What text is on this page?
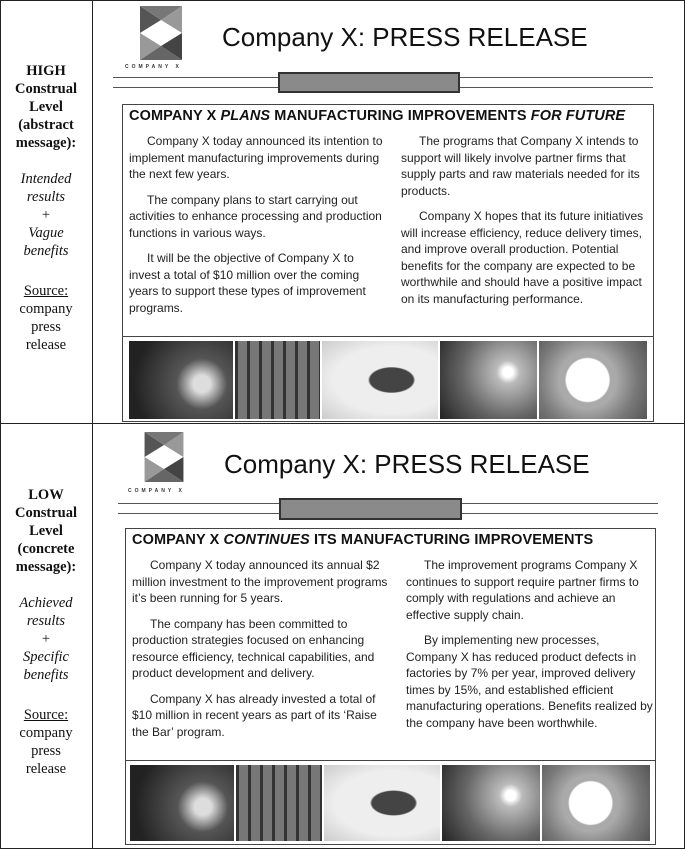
HIGH
Construal
Level
(abstract
message):
Intended
results
+
Vague
benefits
Source:
company
press
release
COMPANY X
Company X: PRESS RELEASE
COMPANY X PLANS MANUFACTURING IMPROVEMENTS FOR FUTURE

Company X today announced its intention to implement manufacturing improvements during the next few years.

The company plans to start carrying out activities to enhance processing and production functions in various ways.

It will be the objective of Company X to invest a total of $10 million over the coming years to support these types of improvement programs.

The programs that Company X intends to support will likely involve partner firms that supply parts and raw materials needed for its products.

Company X hopes that its future initiatives will increase efficiency, reduce delivery times, and improve overall production. Potential benefits for the company are expected to be worthwhile and should have a positive impact on its manufacturing performance.

LOW
Construal
Level
(concrete
message):
Achieved
results
+
Specific
benefits
Source:
company
press
release
COMPANY X
Company X: PRESS RELEASE
COMPANY X CONTINUES ITS MANUFACTURING IMPROVEMENTS

Company X today announced its annual $2 million investment to the improvement programs it’s been running for 5 years.

The company has been committed to production strategies focused on enhancing resource efficiency, technical capabilities, and product development and delivery.

Company X has already invested a total of $10 million in recent years as part of its ‘Raise the Bar’ program.

The improvement programs Company X continues to support require partner firms to comply with regulations and achieve an effective supply chain.

By implementing new processes, Company X has reduced product defects in factories by 7% per year, improved delivery times by 15%, and established efficient manufacturing operations. Benefits realized by the company have been worthwhile.
